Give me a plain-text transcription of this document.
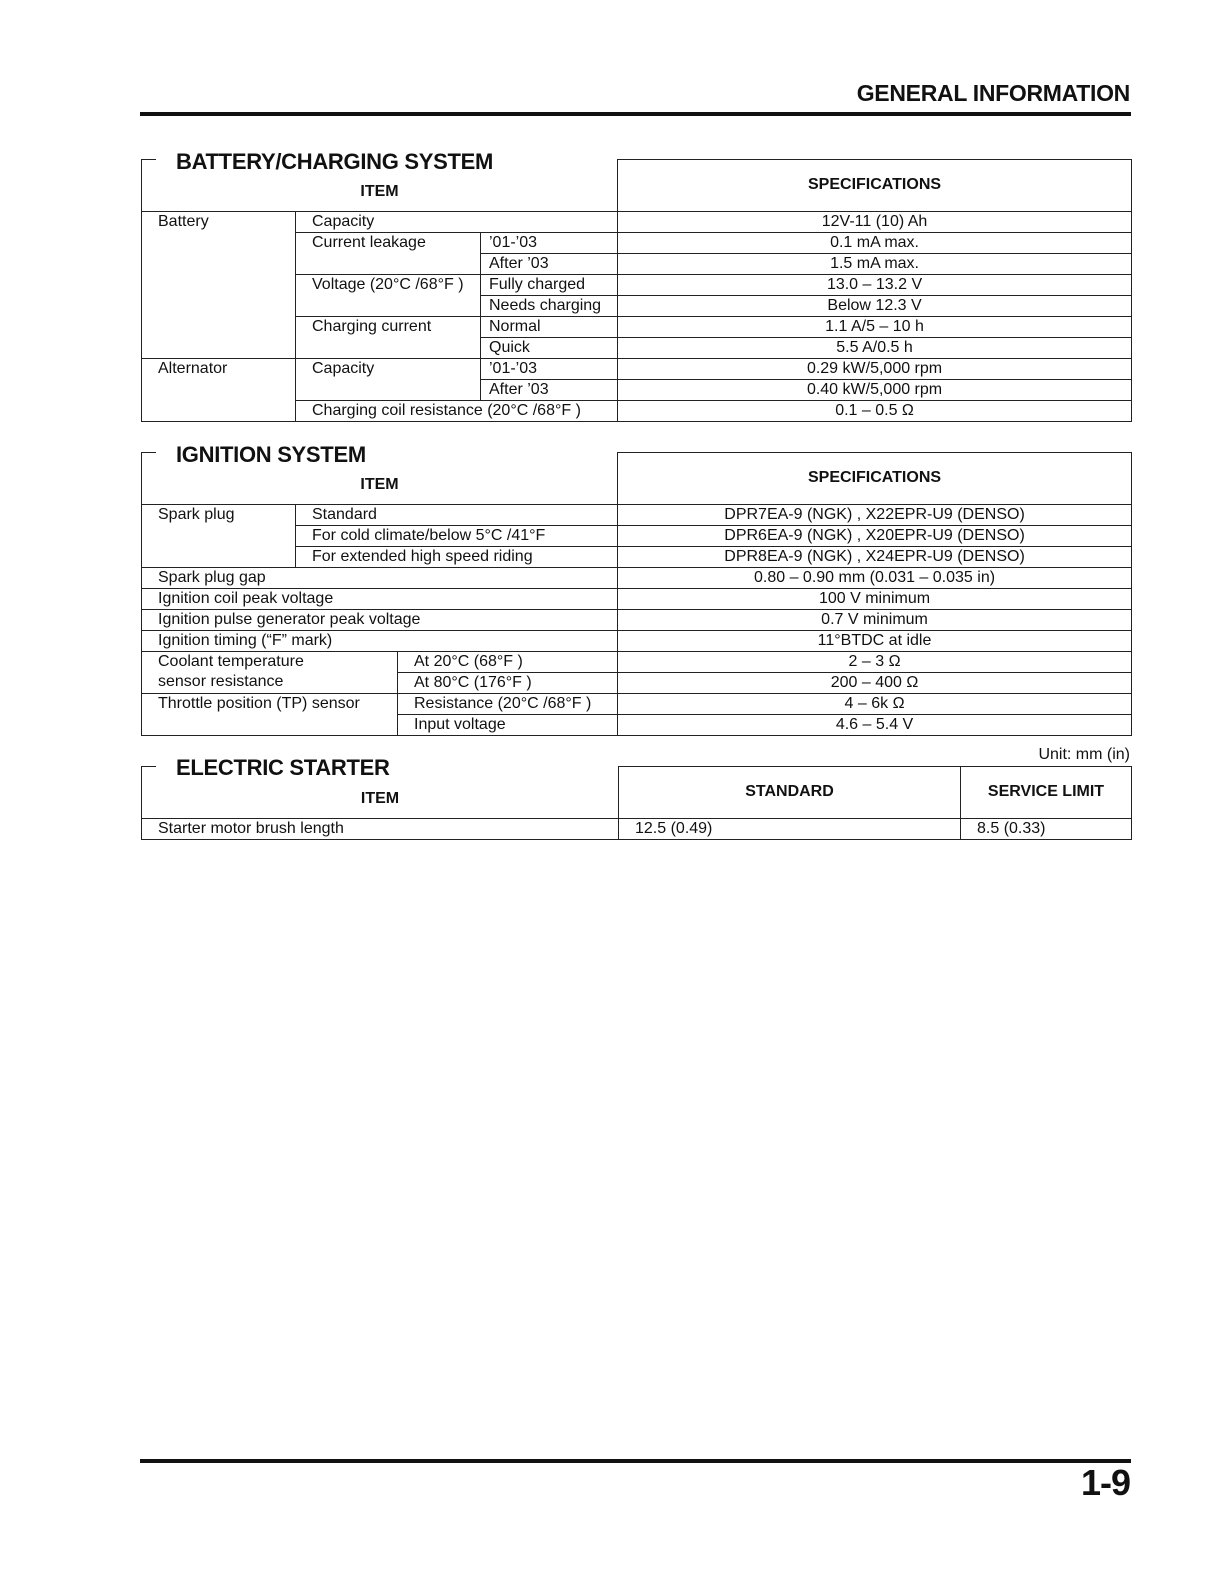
GENERAL INFORMATION
BATTERY/CHARGING SYSTEM
ITEM			SPECIFICATIONS
Battery	Capacity		12V-11 (10) Ah
	Current leakage	’01-’03	0.1 mA max.
		After ’03	1.5 mA max.
	Voltage (20°C /68°F )	Fully charged	13.0 – 13.2 V
		Needs charging	Below 12.3 V
	Charging current	Normal	1.1 A/5 – 10 h
		Quick	5.5 A/0.5 h
Alternator	Capacity	’01-’03	0.29 kW/5,000 rpm
		After ’03	0.40 kW/5,000 rpm
	Charging coil resistance (20°C /68°F )		0.1 – 0.5 Ω
IGNITION SYSTEM
ITEM			SPECIFICATIONS
Spark plug	Standard		DPR7EA-9 (NGK) , X22EPR-U9 (DENSO)
	For cold climate/below 5°C /41°F		DPR6EA-9 (NGK) , X20EPR-U9 (DENSO)
	For extended high speed riding		DPR8EA-9 (NGK) , X24EPR-U9 (DENSO)
Spark plug gap			0.80 – 0.90 mm (0.031 – 0.035 in)
Ignition coil peak voltage			100 V minimum
Ignition pulse generator peak voltage			0.7 V minimum
Ignition timing (“F” mark)			11°BTDC at idle
Coolant temperature
sensor resistance		At 20°C (68°F )	2 – 3 Ω
		At 80°C (176°F )	200 – 400 Ω
Throttle position (TP) sensor		Resistance (20°C /68°F )	4 – 6k Ω
		Input voltage	4.6 – 5.4 V
Unit: mm (in)
ELECTRIC STARTER
ITEM	STANDARD	SERVICE LIMIT
Starter motor brush length	12.5 (0.49)	8.5 (0.33)
1-9
